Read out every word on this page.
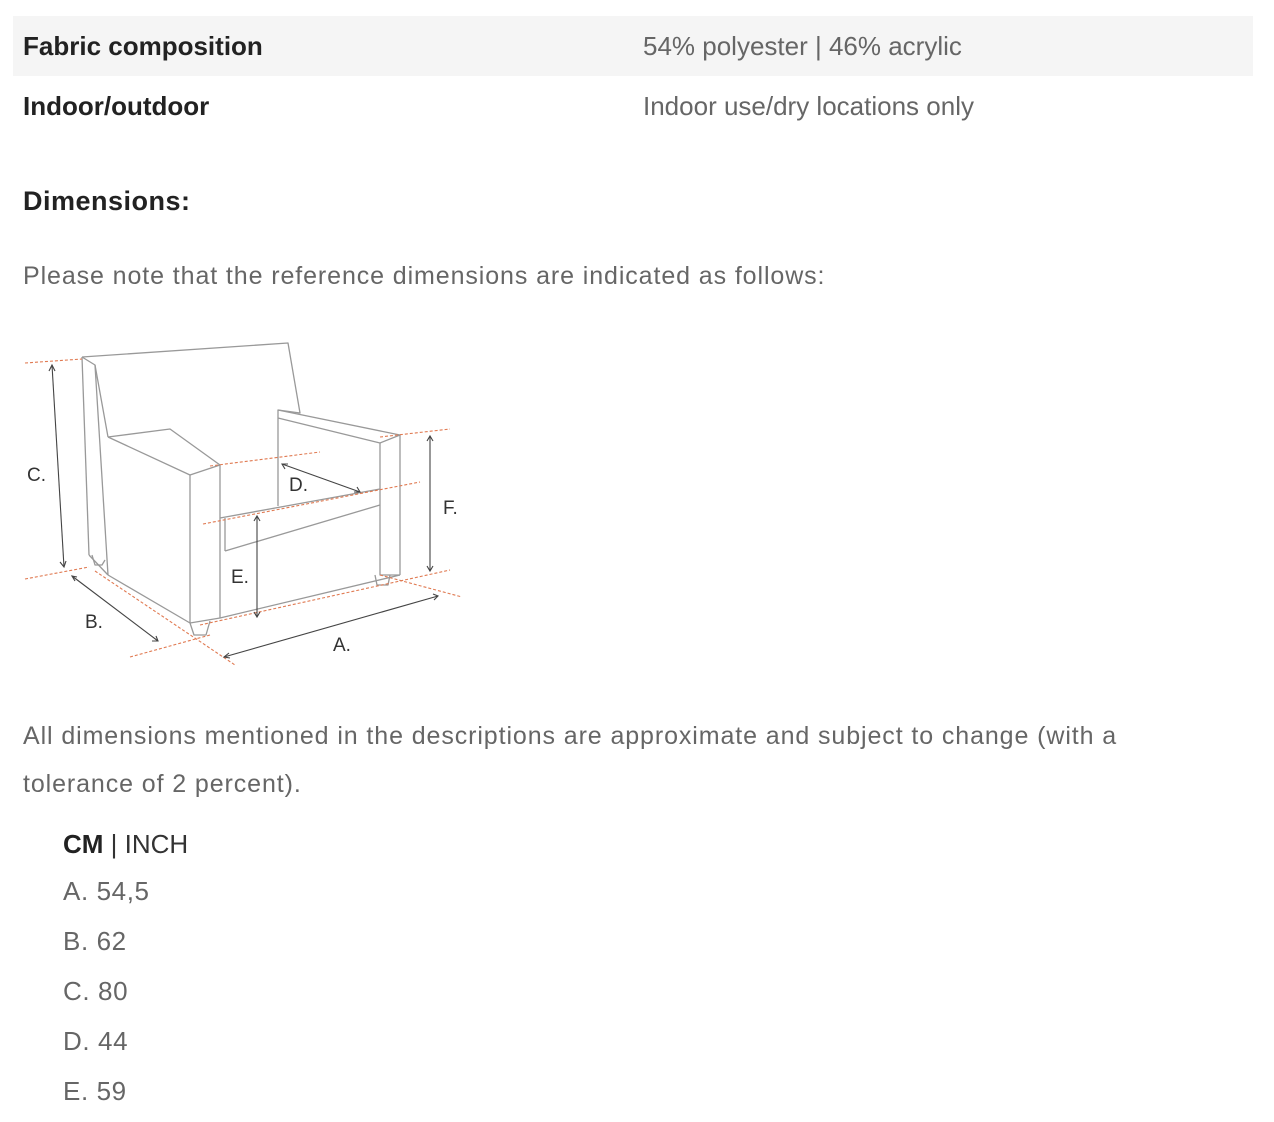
Fabric composition	54% polyester | 46% acrylic
Indoor/outdoor	Indoor use/dry locations only
Dimensions:
Please note that the reference dimensions are indicated as follows:
C.	D.
F.
E.
B.
A.
All dimensions mentioned in the descriptions are approximate and subject to change (with a tolerance of 2 percent).
CM | INCH
A. 54,5
B. 62
C. 80
D. 44
E. 59
